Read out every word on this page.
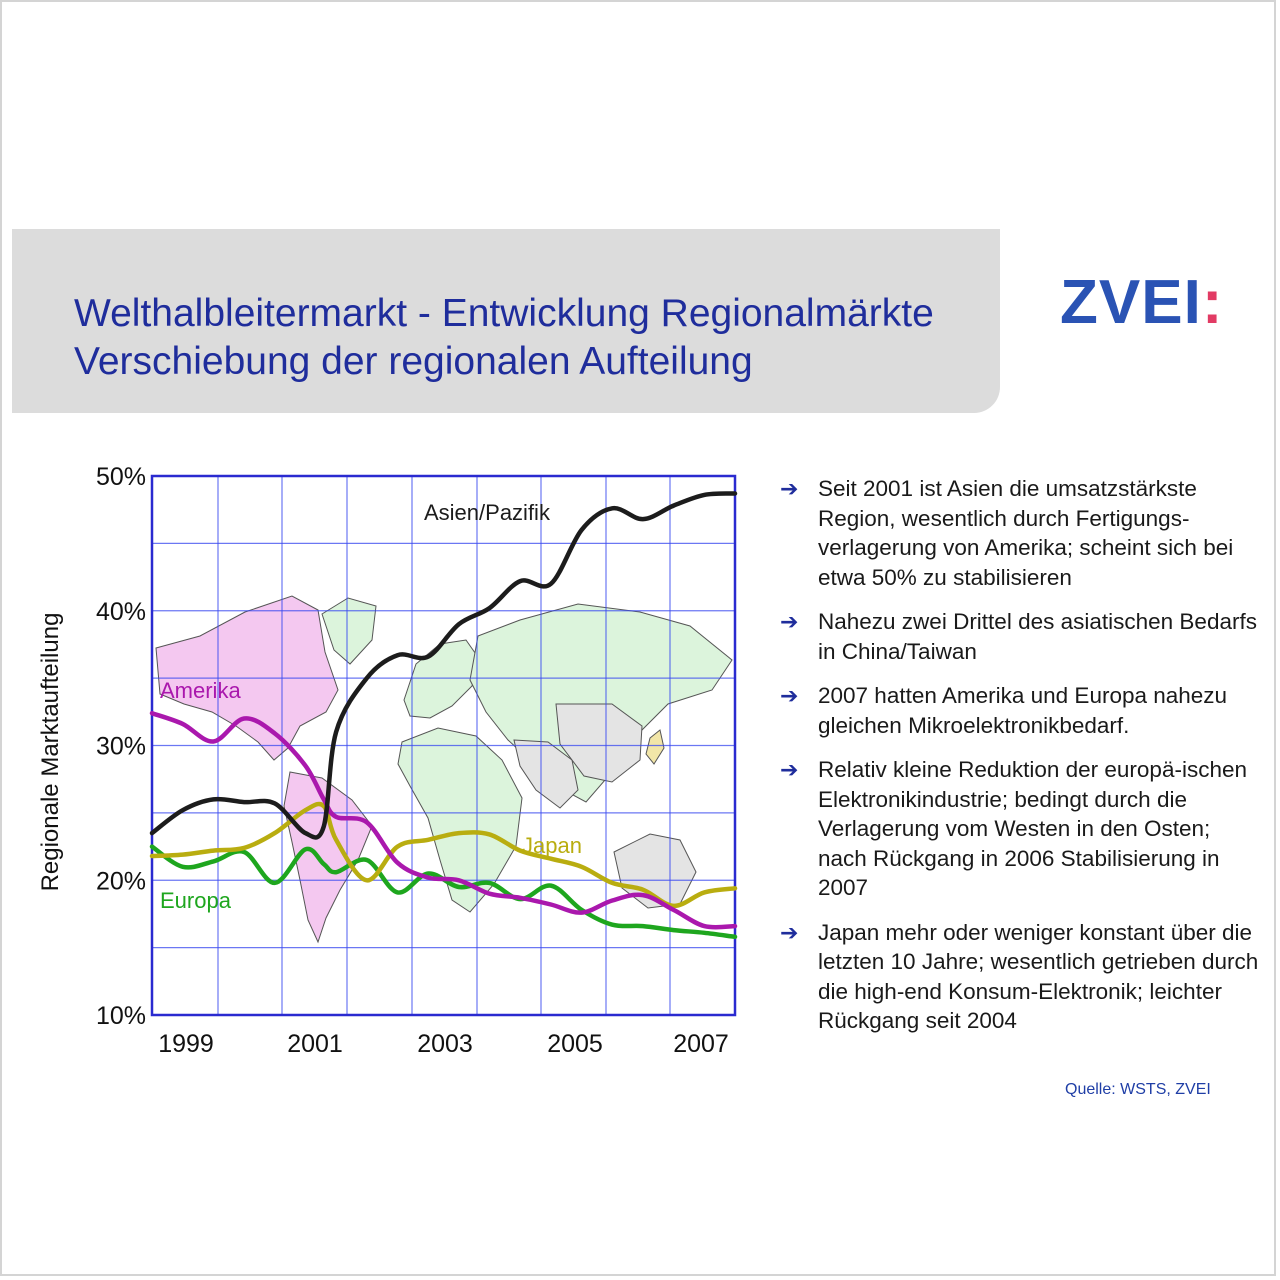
Welthalbleitermarkt - Entwicklung Regionalmärkte
Verschiebung der regionalen Aufteilung
ZVEI:
Asien/Pazifik
Amerika
Japan
Europa
50%
40%
30%
20%
10%
1999	2001	2003	2005	2007
Regionale Marktaufteilung
➔ Seit 2001 ist Asien die umsatzstärkste Region, wesentlich durch Fertigungs-verlagerung von Amerika; scheint sich bei etwa 50% zu stabilisieren
➔ Nahezu zwei Drittel des asiatischen Bedarfs in China/Taiwan
➔ 2007 hatten Amerika und Europa nahezu gleichen Mikroelektronikbedarf.
➔ Relativ kleine Reduktion der europä-ischen Elektronikindustrie; bedingt durch die Verlagerung vom Westen in den Osten; nach Rückgang in 2006 Stabilisierung in 2007
➔ Japan mehr oder weniger konstant über die letzten 10 Jahre; wesentlich getrieben durch die high-end Konsum-Elektronik; leichter Rückgang seit 2004
Quelle: WSTS, ZVEI
